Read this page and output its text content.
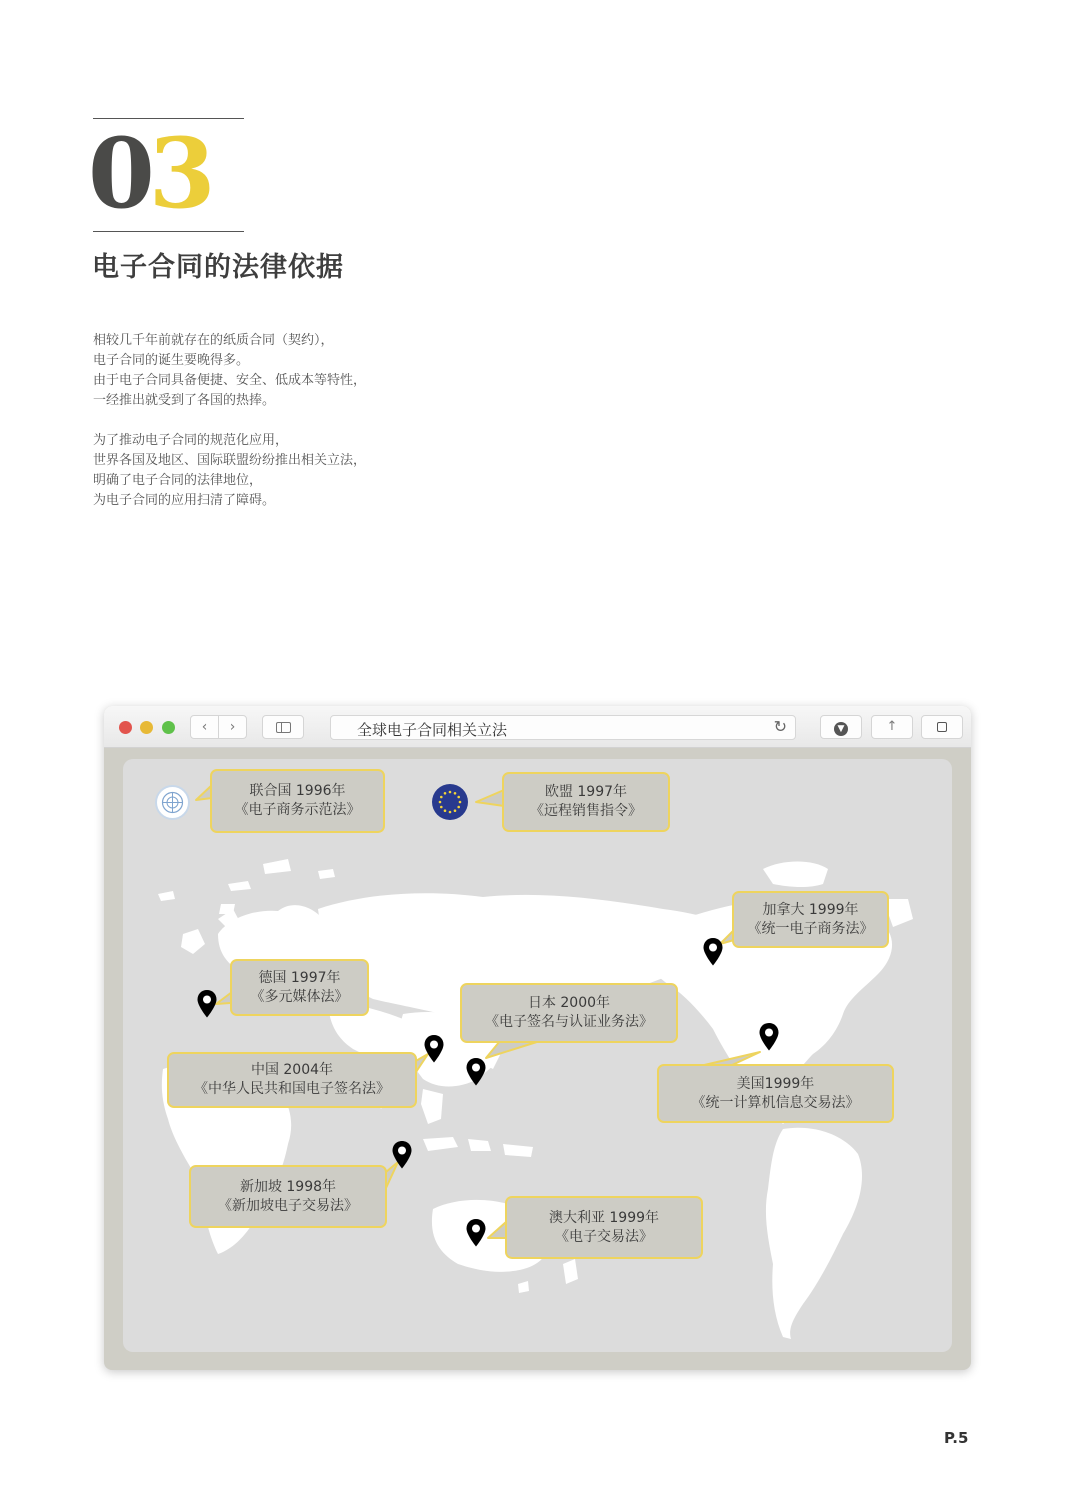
03
电子合同的法律依据
相较几千年前就存在的纸质合同（契约），
电子合同的诞生要晚得多。
由于电子合同具备便捷、安全、低成本等特性，
一经推出就受到了各国的热捧。
为了推动电子合同的规范化应用，
世界各国及地区、国际联盟纷纷推出相关立法，
明确了电子合同的法律地位，
为电子合同的应用扫清了障碍。
‹	›	全球电子合同相关立法	↻	▼	↑
联合国 1996年
《电子商务示范法》
欧盟 1997年
《远程销售指令》
加拿大 1999年
《统一电子商务法》
德国 1997年
《多元媒体法》	日本 2000年
《电子签名与认证业务法》
中国 2004年
《中华人民共和国电子签名法》	美国1999年
《统一计算机信息交易法》
新加坡 1998年
《新加坡电子交易法》
澳大利亚 1999年
《电子交易法》
P.5
